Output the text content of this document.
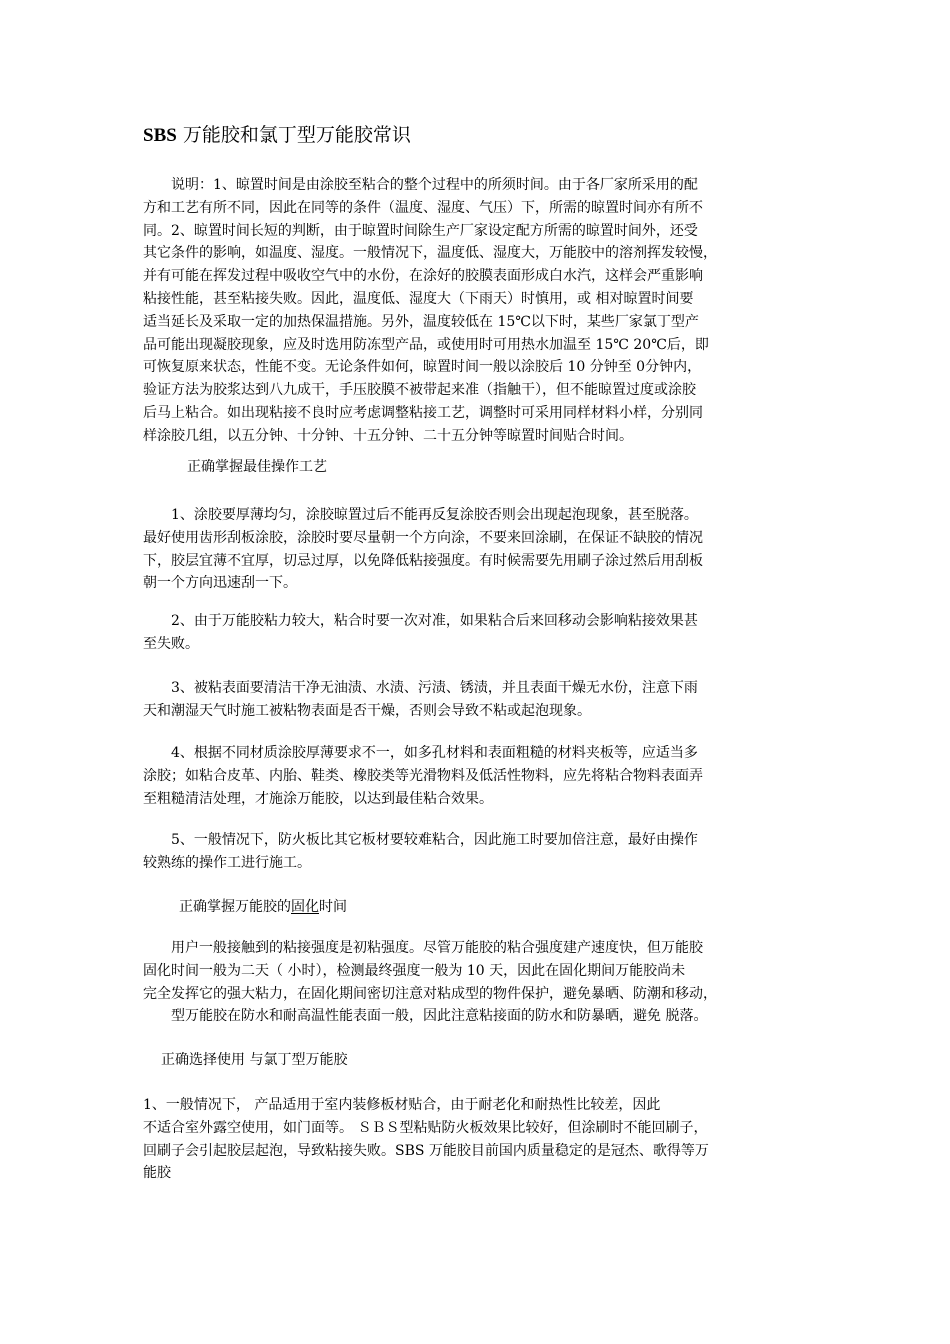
SBS 万能胶和氯丁型万能胶常识
　　说明：1、晾置时间是由涂胶至粘合的整个过程中的所须时间。由于各厂家所采用的配
方和工艺有所不同，因此在同等的条件（温度、湿度、气压）下，所需的晾置时间亦有所不
同。2、晾置时间长短的判断，由于晾置时间除生产厂家设定配方所需的晾置时间外，还受
其它条件的影响，如温度、湿度。一般情况下，温度低、湿度大，万能胶中的溶剂挥发较慢，
并有可能在挥发过程中吸收空气中的水份，在涂好的胶膜表面形成白水汽，这样会严重影响
粘接性能，甚至粘接失败。因此，温度低、湿度大（下雨天）时慎用，或 相对晾置时间要
适当延长及采取一定的加热保温措施。另外，温度较低在 15℃以下时，某些厂家氯丁型产
品可能出现凝胶现象，应及时选用防冻型产品，或使用时可用热水加温至 15℃ 20℃后，即
可恢复原来状态，性能不变。无论条件如何，晾置时间一般以涂胶后 10 分钟至 0分钟内，
验证方法为胶浆达到八九成干，手压胶膜不被带起来准（指触干），但不能晾置过度或涂胶
后马上粘合。如出现粘接不良时应考虑调整粘接工艺，调整时可采用同样材料小样，分别同
样涂胶几组，以五分钟、十分钟、十五分钟、二十五分钟等晾置时间贴合时间。
正确掌握最佳操作工艺
　　1、涂胶要厚薄均匀，涂胶晾置过后不能再反复涂胶否则会出现起泡现象，甚至脱落。
最好使用齿形刮板涂胶，涂胶时要尽量朝一个方向涂，不要来回涂刷，在保证不缺胶的情况
下，胶层宜薄不宜厚，切忌过厚，以免降低粘接强度。有时候需要先用刷子涂过然后用刮板
朝一个方向迅速刮一下。
　　2、由于万能胶粘力较大，粘合时要一次对准，如果粘合后来回移动会影响粘接效果甚
至失败。
　　3、被粘表面要清洁干净无油渍、水渍、污渍、锈渍，并且表面干燥无水份，注意下雨
天和潮湿天气时施工被粘物表面是否干燥，否则会导致不粘或起泡现象。
　　4、根据不同材质涂胶厚薄要求不一，如多孔材料和表面粗糙的材料夹板等，应适当多
涂胶；如粘合皮革、内胎、鞋类、橡胶类等光滑物料及低活性物料，应先将粘合物料表面弄
至粗糙清洁处理，才施涂万能胶，以达到最佳粘合效果。
　　5、一般情况下，防火板比其它板材要较难粘合，因此施工时要加倍注意，最好由操作
较熟练的操作工进行施工。
正确掌握万能胶的固化时间
　　用户一般接触到的粘接强度是初粘强度。尽管万能胶的粘合强度建产速度快，但万能胶
固化时间一般为二天（ 小时），检测最终强度一般为 10 天，因此在固化期间万能胶尚未
完全发挥它的强大粘力，在固化期间密切注意对粘成型的物件保护，避免暴晒、防潮和移动，
　　型万能胶在防水和耐高温性能表面一般，因此注意粘接面的防水和防暴晒，避免 脱落。
正确选择使用 与氯丁型万能胶
1、一般情况下， 产品适用于室内装修板材贴合，由于耐老化和耐热性比较差，因此
不适合室外露空使用，如门面等。 ＳＢＳ型粘贴防火板效果比较好，但涂刷时不能回刷子，
回刷子会引起胶层起泡，导致粘接失败。SBS 万能胶目前国内质量稳定的是冠杰、歌得等万
能胶
